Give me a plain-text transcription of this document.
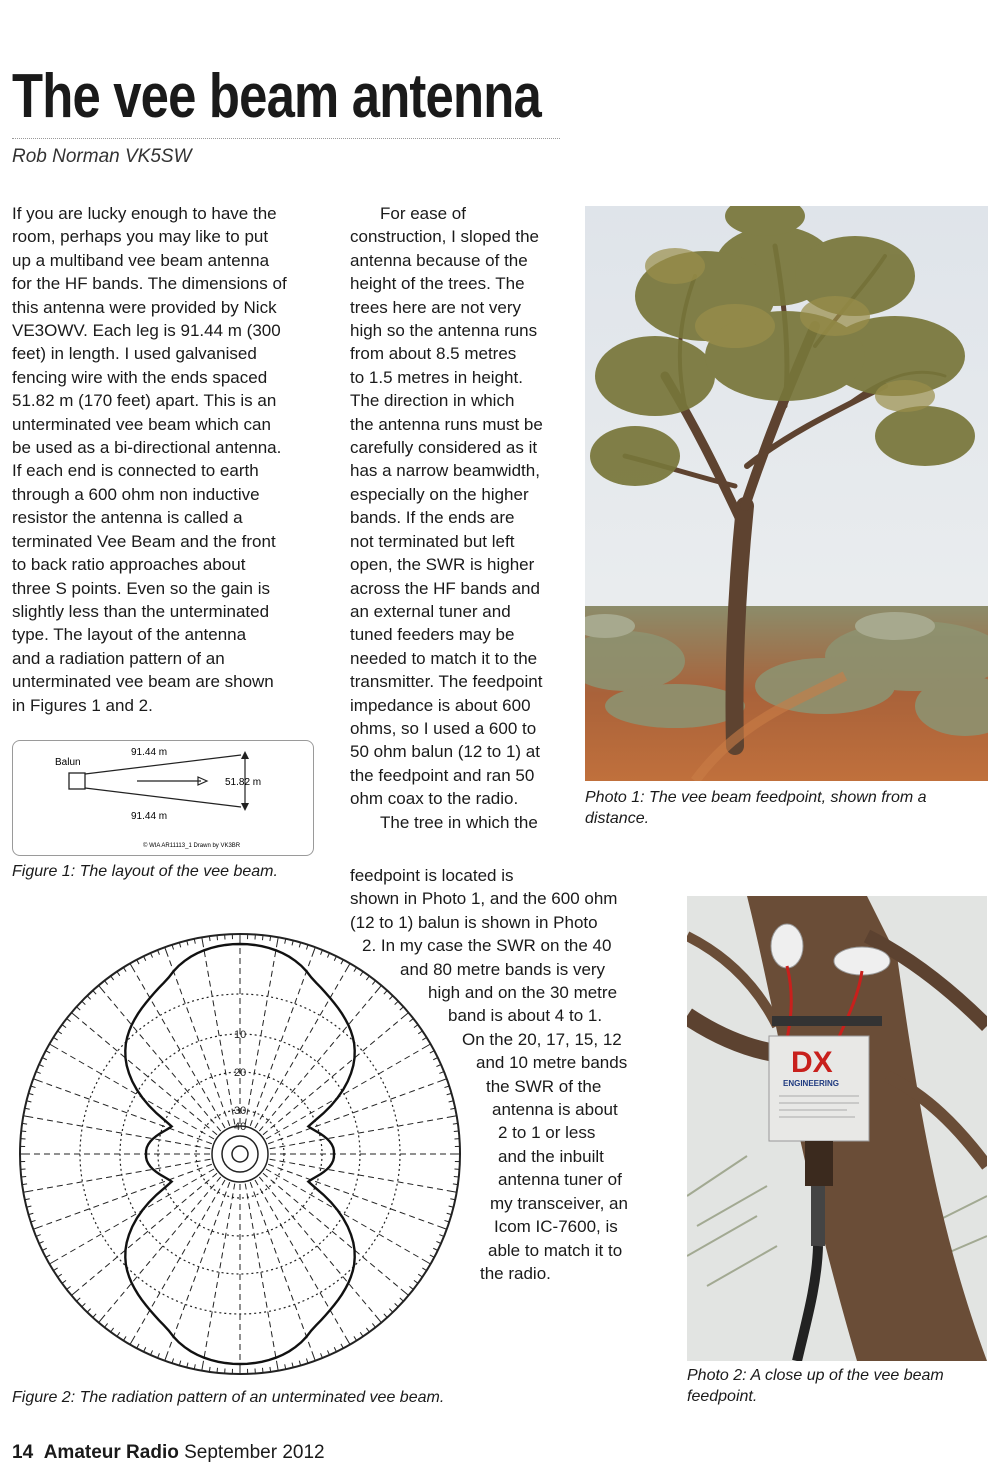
The vee beam antenna
Rob Norman VK5SW
If you are lucky enough to have the
room, perhaps you may like to put
up a multiband vee beam antenna
for the HF bands. The dimensions of
this antenna were provided by Nick
VE3OWV. Each leg is 91.44 m (300
feet) in length. I used galvanised
fencing wire with the ends spaced
51.82 m (170 feet) apart. This is an
unterminated vee beam which can
be used as a bi-directional antenna.
If each end is connected to earth
through a 600 ohm non inductive
resistor the antenna is called a
terminated Vee Beam and the front
to back ratio approaches about
three S points. Even so the gain is
slightly less than the unterminated
type. The layout of the antenna
and a radiation pattern of an
unterminated vee beam are shown
in Figures 1 and 2.
For ease of
construction, I sloped the
antenna because of the
height of the trees. The
trees here are not very
high so the antenna runs
from about 8.5 metres
to 1.5 metres in height.
The direction in which
the antenna runs must be
carefully considered as it
has a narrow beamwidth,
especially on the higher
bands. If the ends are
not terminated but left
open, the SWR is higher
across the HF bands and
an external tuner and
tuned feeders may be
needed to match it to the
transmitter. The feedpoint
impedance is about 600
ohms, so I used a 600 to
50 ohm balun (12 to 1) at
the feedpoint and ran 50
ohm coax to the radio.
The tree in which the
feedpoint is located is
shown in Photo 1, and the 600 ohm
(12 to 1) balun is shown in Photo
2. In my case the SWR on the 40
and 80 metre bands is very
high and on the 30 metre
band is about 4 to 1.
On the 20, 17, 15, 12
and 10 metre bands
the SWR of the
antenna is about
2 to 1 or less
and the inbuilt
antenna tuner of
my transceiver, an
Icom IC-7600, is
able to match it to
the radio.
Photo 1: The vee beam feedpoint, shown from a distance.
DX
ENGINEERING
Photo 2: A close up of the vee beam feedpoint.
Balun
91.44 m
91.44 m
51.82 m
© WIA AR11113_1 Drawn by VK3BR
Figure 1: The layout of the vee beam.
10
20
30
40
Figure 2: The radiation pattern of an unterminated vee beam.
14 Amateur Radio September 2012
